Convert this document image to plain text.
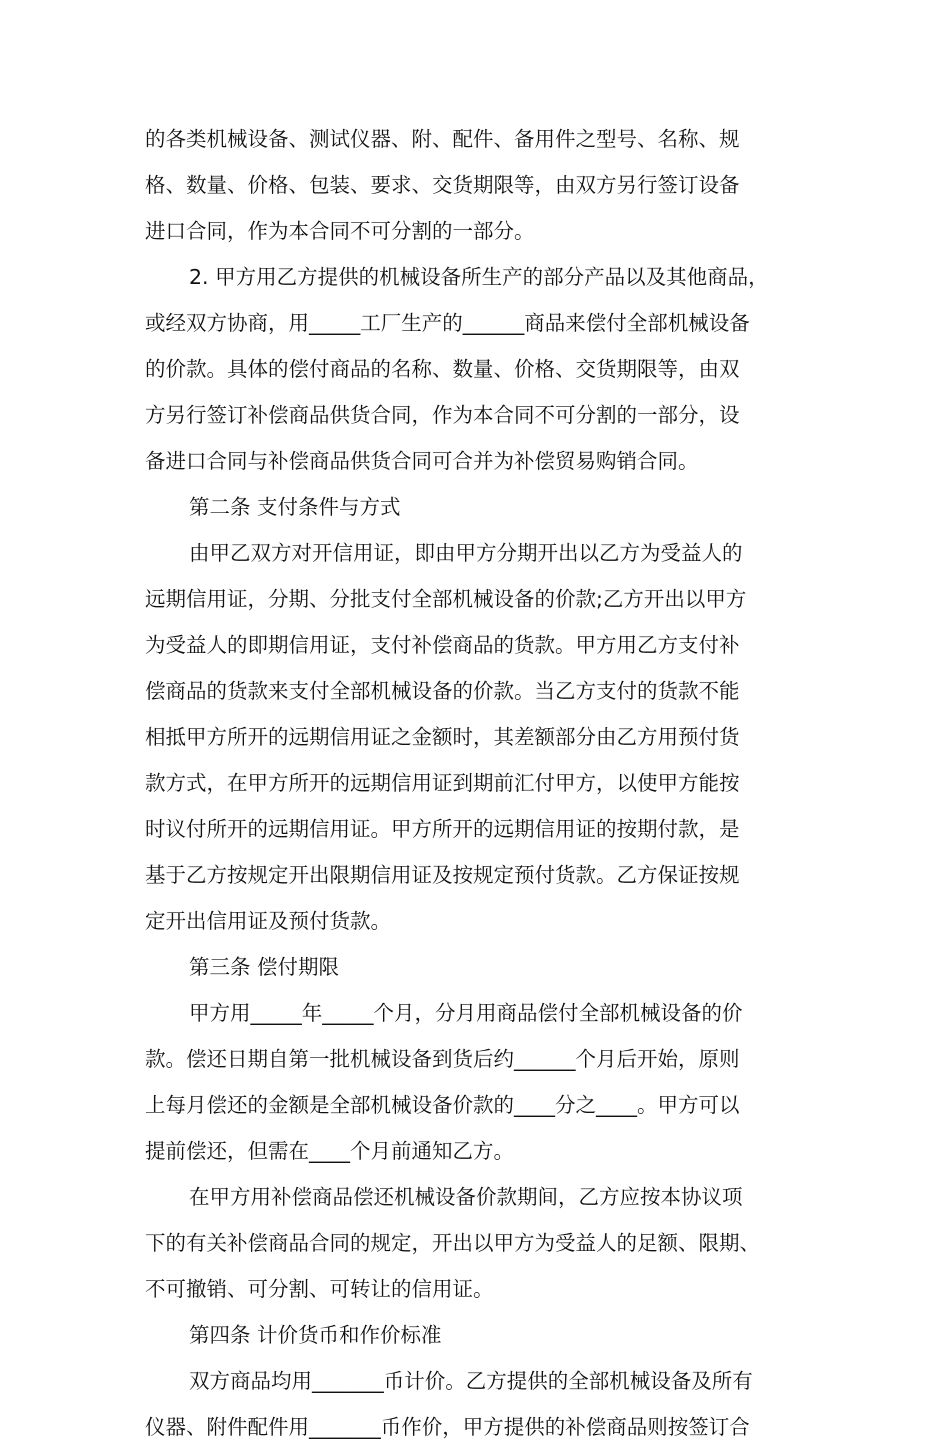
的各类机械设备、测试仪器、附、配件、备用件之型号、名称、规
格、数量、价格、包装、要求、交货期限等，由双方另行签订设备
进口合同，作为本合同不可分割的一部分。
2. 甲方用乙方提供的机械设备所生产的部分产品以及其他商品，
或经双方协商，用_____工厂生产的______商品来偿付全部机械设备
的价款。具体的偿付商品的名称、数量、价格、交货期限等，由双
方另行签订补偿商品供货合同，作为本合同不可分割的一部分，设
备进口合同与补偿商品供货合同可合并为补偿贸易购销合同。
第二条 支付条件与方式
由甲乙双方对开信用证，即由甲方分期开出以乙方为受益人的
远期信用证，分期、分批支付全部机械设备的价款;乙方开出以甲方
为受益人的即期信用证，支付补偿商品的货款。甲方用乙方支付补
偿商品的货款来支付全部机械设备的价款。当乙方支付的货款不能
相抵甲方所开的远期信用证之金额时，其差额部分由乙方用预付货
款方式，在甲方所开的远期信用证到期前汇付甲方，以使甲方能按
时议付所开的远期信用证。甲方所开的远期信用证的按期付款，是
基于乙方按规定开出限期信用证及按规定预付货款。乙方保证按规
定开出信用证及预付货款。
第三条 偿付期限
甲方用_____年_____个月，分月用商品偿付全部机械设备的价
款。偿还日期自第一批机械设备到货后约______个月后开始，原则
上每月偿还的金额是全部机械设备价款的____分之____。甲方可以
提前偿还，但需在____个月前通知乙方。
在甲方用补偿商品偿还机械设备价款期间，乙方应按本协议项
下的有关补偿商品合同的规定，开出以甲方为受益人的足额、限期、
不可撤销、可分割、可转让的信用证。
第四条 计价货币和作价标准
双方商品均用_______币计价。乙方提供的全部机械设备及所有
仪器、附件配件用_______币作价，甲方提供的补偿商品则按签订合
